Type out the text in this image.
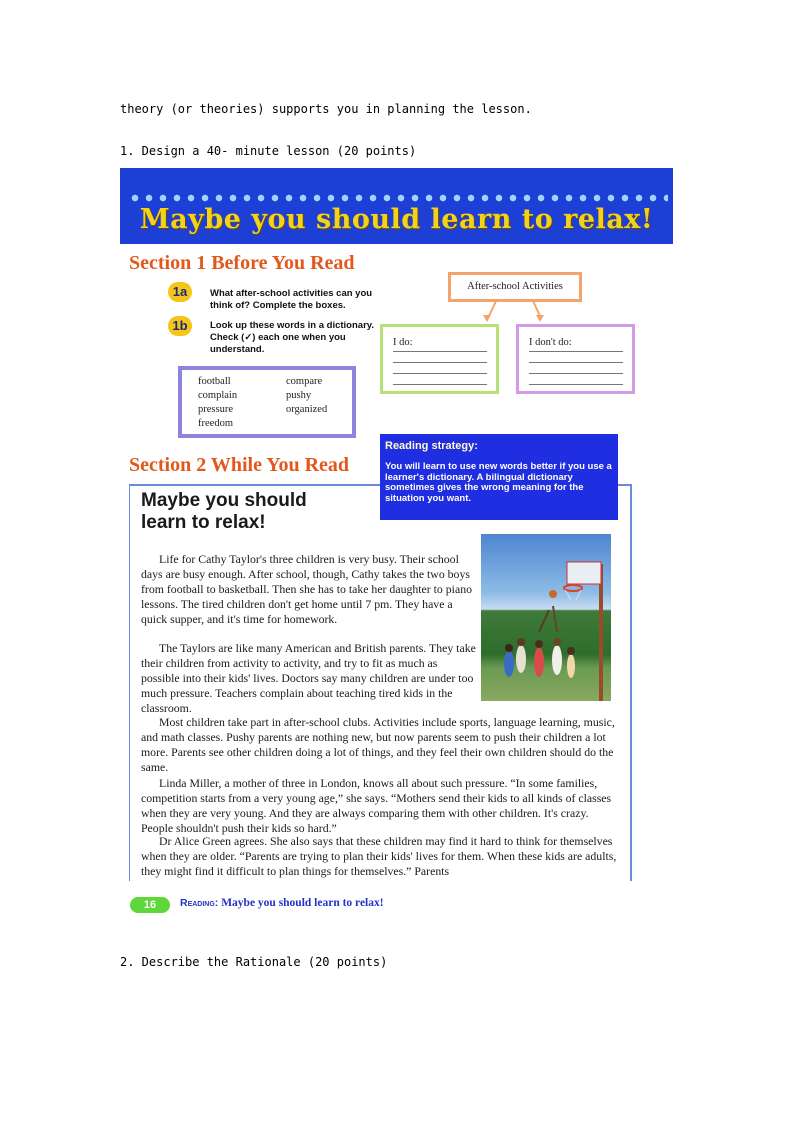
theory (or theories) supports you in planning the lesson.
1. Design a 40- minute lesson (20 points)
Maybe you should learn to relax!
Section 1 Before You Read
1a	What after-school activities can you think of? Complete the boxes.
1b	Look up these words in a dictionary. Check (✓) each one when you understand.
football
complain
pressure
freedom
compare
pushy
organized
After-school Activities
I do:	I don't do:
Section 2 While You Read
Maybe you should learn to relax!
Reading strategy:
You will learn to use new words better if you use a learner's dictionary. A bilingual dictionary sometimes gives the wrong meaning for the situation you want.
Life for Cathy Taylor's three children is very busy. Their school days are busy enough. After school, though, Cathy takes the two boys from football to basketball. Then she has to take her daughter to piano lessons. The tired children don't get home until 7 pm. They have a quick supper, and it's time for homework.
The Taylors are like many American and British parents. They take their children from activity to activity, and try to fit as much as possible into their kids' lives. Doctors say many children are under too much pressure. Teachers complain about teaching tired kids in the classroom.
Most children take part in after-school clubs. Activities include sports, language learning, music, and math classes. Pushy parents are nothing new, but now parents seem to push their children a lot more. Parents see other children doing a lot of things, and they feel their own children should do the same.
Linda Miller, a mother of three in London, knows all about such pressure. “In some families, competition starts from a very young age,” she says. “Mothers send their kids to all kinds of classes when they are very young. And they are always comparing them with other children. It's crazy. People shouldn't push their kids so hard.”
Dr Alice Green agrees. She also says that these children may find it hard to think for themselves when they are older. “Parents are trying to plan their kids' lives for them. When these kids are adults, they might find it difficult to plan things for themselves.” Parents
16	Reading: Maybe you should learn to relax!
2. Describe the Rationale (20 points)
